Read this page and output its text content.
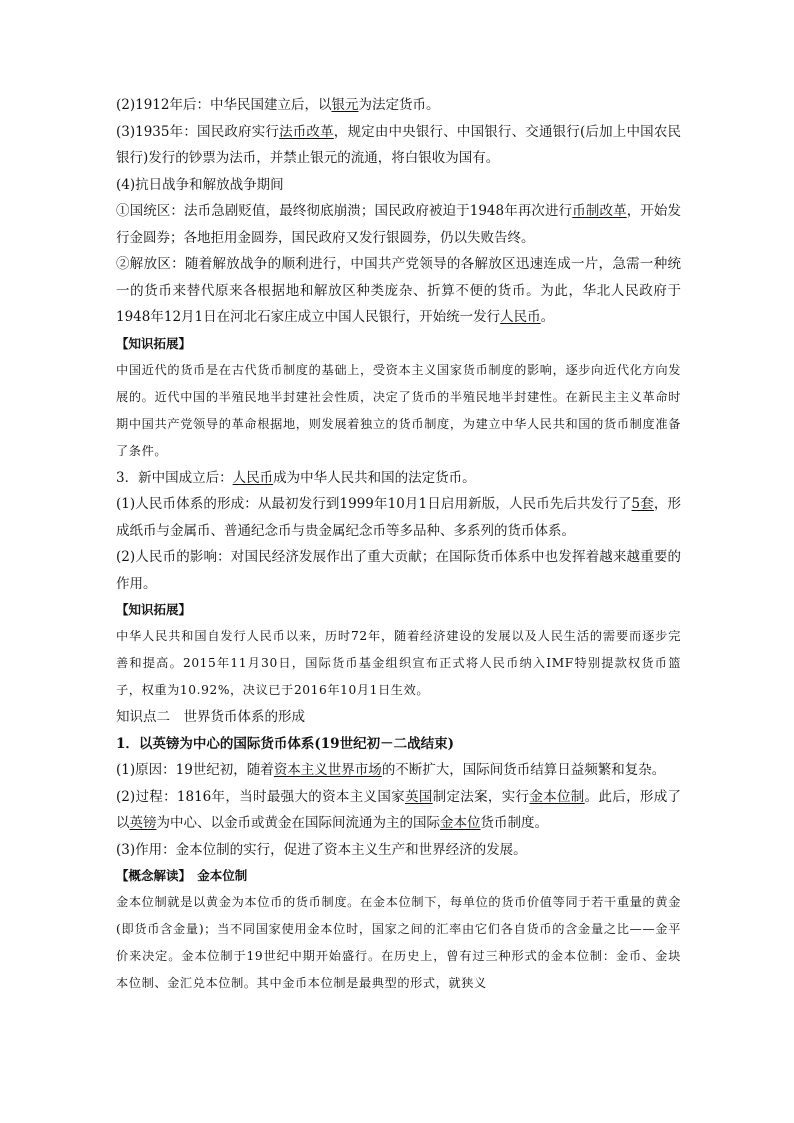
(2)1912年后：中华民国建立后，以银元为法定货币。

(3)1935年：国民政府实行法币改革，规定由中央银行、中国银行、交通银行(后加上中国农民银行)发行的钞票为法币，并禁止银元的流通，将白银收为国有。

(4)抗日战争和解放战争期间

①国统区：法币急剧贬值，最终彻底崩溃；国民政府被迫于1948年再次进行币制改革，开始发行金圆券；各地拒用金圆券，国民政府又发行银圆券，仍以失败告终。

②解放区：随着解放战争的顺利进行，中国共产党领导的各解放区迅速连成一片，急需一种统一的货币来替代原来各根据地和解放区种类庞杂、折算不便的货币。为此，华北人民政府于1948年12月1日在河北石家庄成立中国人民银行，开始统一发行人民币。

【知识拓展】

中国近代的货币是在古代货币制度的基础上，受资本主义国家货币制度的影响，逐步向近代化方向发展的。近代中国的半殖民地半封建社会性质，决定了货币的半殖民地半封建性。在新民主主义革命时期中国共产党领导的革命根据地，则发展着独立的货币制度，为建立中华人民共和国的货币制度准备了条件。

3．新中国成立后：人民币成为中华人民共和国的法定货币。

(1)人民币体系的形成：从最初发行到1999年10月1日启用新版，人民币先后共发行了5套，形成纸币与金属币、普通纪念币与贵金属纪念币等多品种、多系列的货币体系。

(2)人民币的影响：对国民经济发展作出了重大贡献；在国际货币体系中也发挥着越来越重要的作用。

【知识拓展】

中华人民共和国自发行人民币以来，历时72年，随着经济建设的发展以及人民生活的需要而逐步完善和提高。2015年11月30日，国际货币基金组织宣布正式将人民币纳入IMF特别提款权货币篮子，权重为10.92%，决议已于2016年10月1日生效。

知识点二　世界货币体系的形成

1．以英镑为中心的国际货币体系(19世纪初－二战结束)

(1)原因：19世纪初，随着资本主义世界市场的不断扩大，国际间货币结算日益频繁和复杂。

(2)过程：1816年，当时最强大的资本主义国家英国制定法案，实行金本位制。此后，形成了以英镑为中心、以金币或黄金在国际间流通为主的国际金本位货币制度。

(3)作用：金本位制的实行，促进了资本主义生产和世界经济的发展。

【概念解读】　金本位制

金本位制就是以黄金为本位币的货币制度。在金本位制下，每单位的货币价值等同于若干重量的黄金(即货币含金量)；当不同国家使用金本位时，国家之间的汇率由它们各自货币的含金量之比——金平价来决定。金本位制于19世纪中期开始盛行。在历史上，曾有过三种形式的金本位制：金币、金块本位制、金汇兑本位制。其中金币本位制是最典型的形式，就狭义
